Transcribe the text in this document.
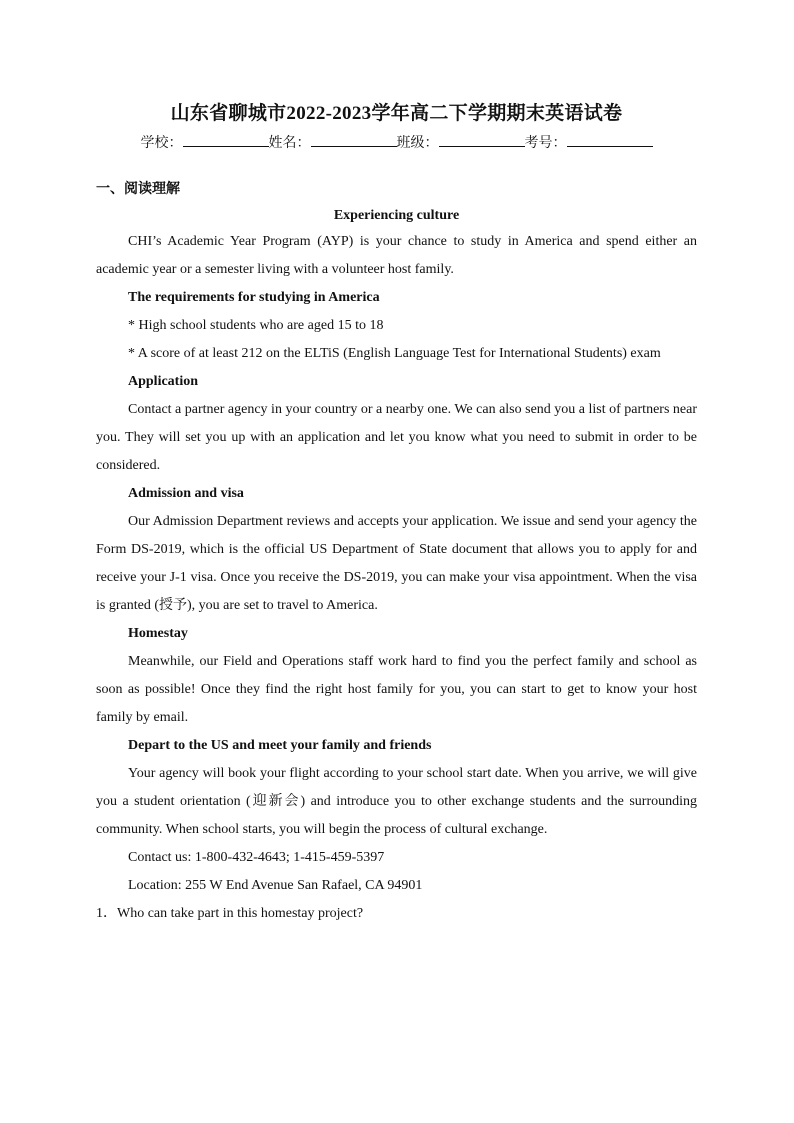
山东省聊城市2022-2023学年高二下学期期末英语试卷
学校：	姓名：	班级：	考号：
一、阅读理解
Experiencing culture

CHI’s Academic Year Program (AYP) is your chance to study in America and spend either an academic year or a semester living with a volunteer host family.

The requirements for studying in America

* High school students who are aged 15 to 18

* A score of at least 212 on the ELTiS (English Language Test for International Students) exam

Application

Contact a partner agency in your country or a nearby one. We can also send you a list of partners near you. They will set you up with an application and let you know what you need to submit in order to be considered.

Admission and visa

Our Admission Department reviews and accepts your application. We issue and send your agency the Form DS-2019, which is the official US Department of State document that allows you to apply for and receive your J-1 visa. Once you receive the DS-2019, you can make your visa appointment. When the visa is granted (授予), you are set to travel to America.

Homestay

Meanwhile, our Field and Operations staff work hard to find you the perfect family and school as soon as possible! Once they find the right host family for you, you can start to get to know your host family by email.

Depart to the US and meet your family and friends

Your agency will book your flight according to your school start date. When you arrive, we will give you a student orientation (迎新会) and introduce you to other exchange students and the surrounding community. When school starts, you will begin the process of cultural exchange.

Contact us: 1-800-432-4643; 1-415-459-5397

Location: 255 W End Avenue San Rafael, CA 94901

1．Who can take part in this homestay project?
